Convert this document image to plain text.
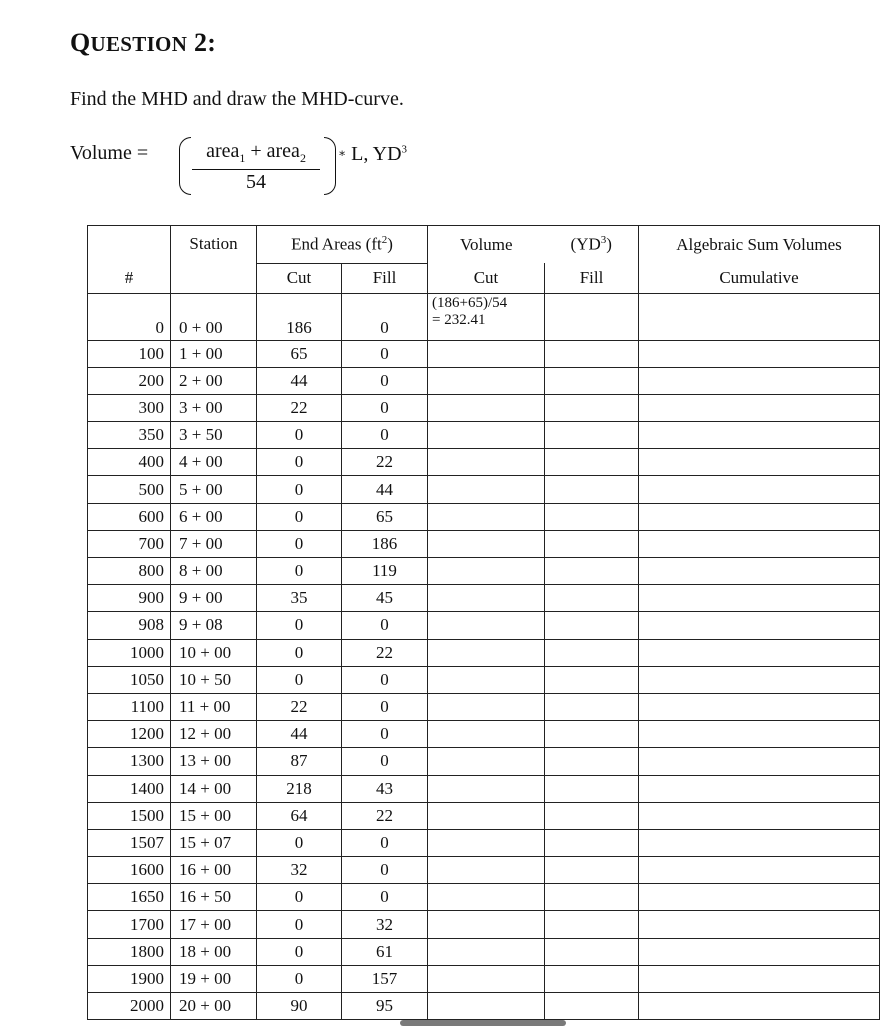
QUESTION 2:
Find the MHD and draw the MHD-curve.
Volume =	area$_1$ + area$_2$
54
∗ L, $YD^3$
	Station	End Areas $(ft^2)$		Volume	$(YD^3)$	Algebraic Sum Volumes
#		Cut	Fill	Cut	Fill	Cumulative
0	0 + 00	186	0	(186+65)/54
= 232.41		

100	1 + 00	65	0			
200	2 + 00	44	0			
300	3 + 00	22	0			
350	3 + 50	0	0			
400	4 + 00	0	22			
500	5 + 00	0	44			
600	6 + 00	0	65			
700	7 + 00	0	186			
800	8 + 00	0	119			
900	9 + 00	35	45			
908	9 + 08	0	0			
1000	10 + 00	0	22			
1050	10 + 50	0	0			
1100	11 + 00	22	0			
1200	12 + 00	44	0			
1300	13 + 00	87	0			
1400	14 + 00	218	43			
1500	15 + 00	64	22			
1507	15 + 07	0	0			
1600	16 + 00	32	0			
1650	16 + 50	0	0			
1700	17 + 00	0	32			
1800	18 + 00	0	61			
1900	19 + 00	0	157			
2000	20 + 00	90	95			
